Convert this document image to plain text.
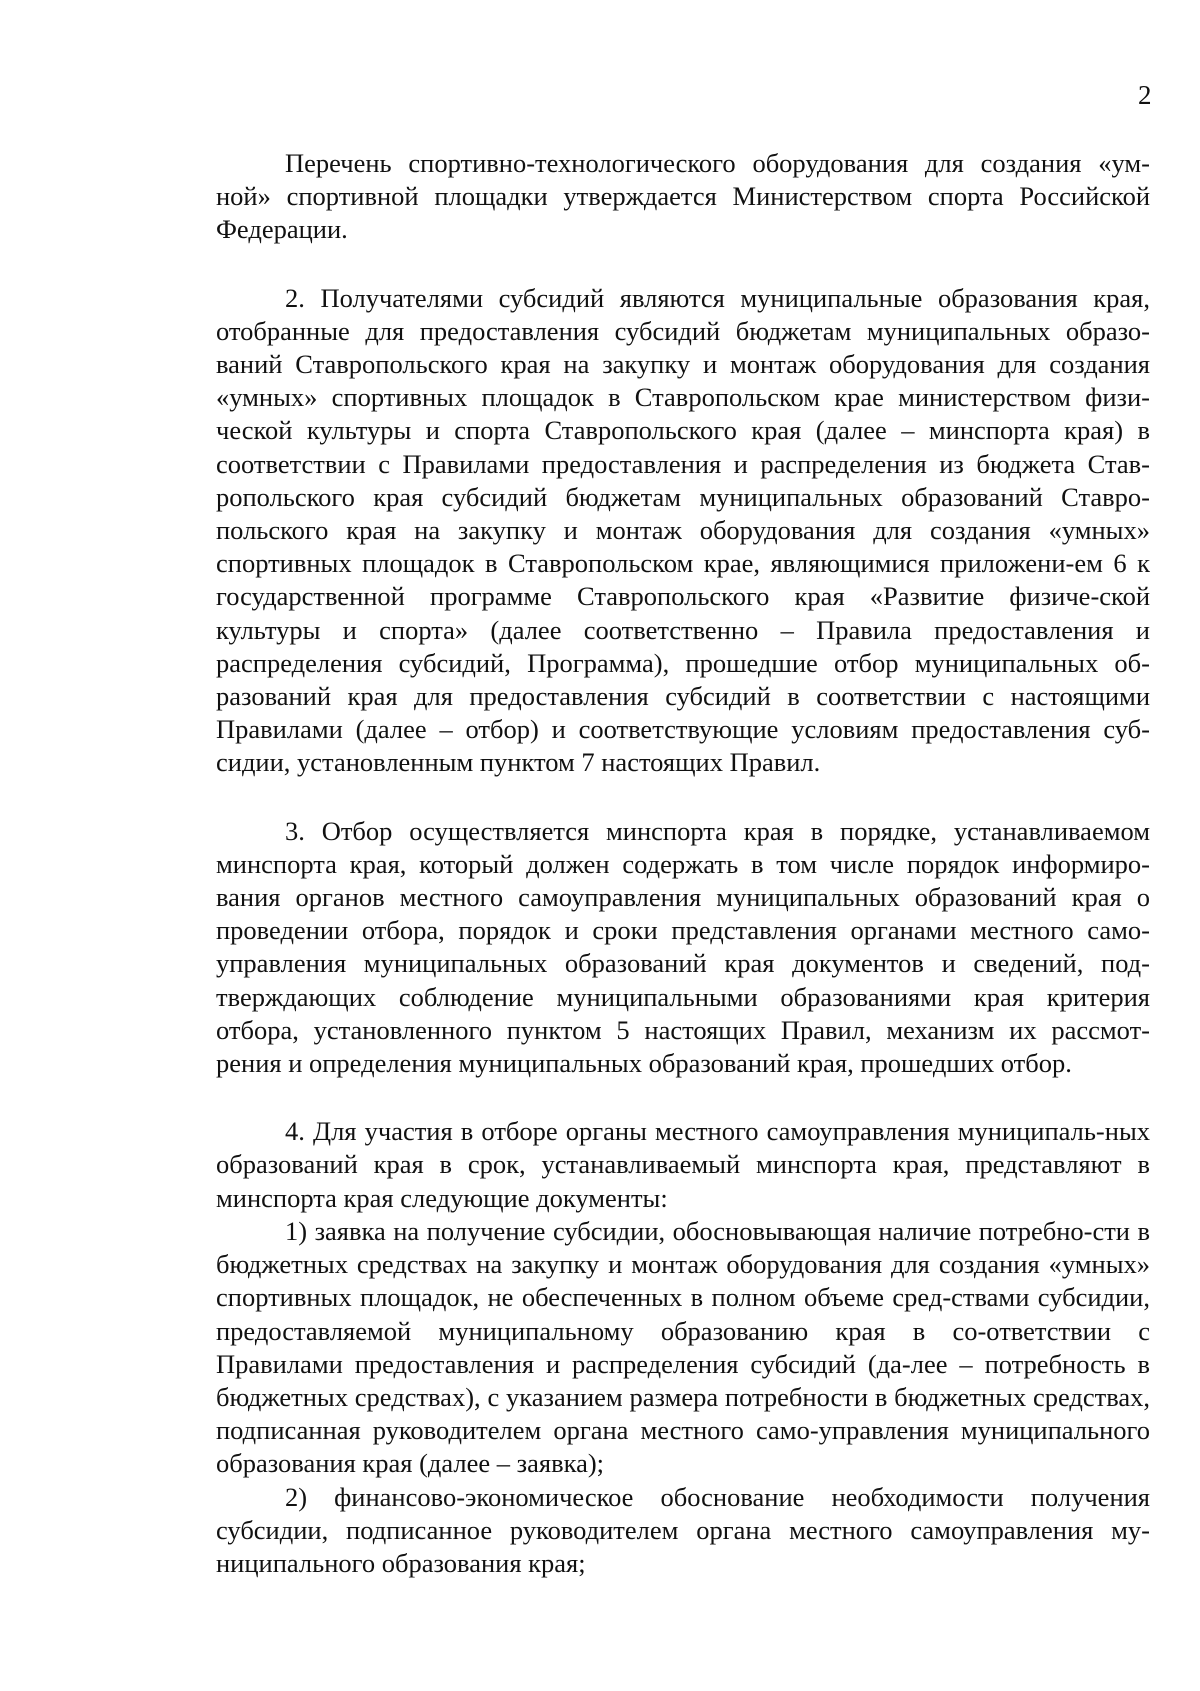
2

Перечень спортивно-технологического оборудования для создания «ум-ной» спортивной площадки утверждается Министерством спорта Российской Федерации.

2. Получателями субсидий являются муниципальные образования края, отобранные для предоставления субсидий бюджетам муниципальных образо-ваний Ставропольского края на закупку и монтаж оборудования для создания «умных» спортивных площадок в Ставропольском крае министерством физи-ческой культуры и спорта Ставропольского края (далее – минспорта края) в соответствии с Правилами предоставления и распределения из бюджета Став-ропольского края субсидий бюджетам муниципальных образований Ставро-польского края на закупку и монтаж оборудования для создания «умных» спортивных площадок в Ставропольском крае, являющимися приложени-ем 6 к государственной программе Ставропольского края «Развитие физиче-ской культуры и спорта» (далее соответственно – Правила предоставления и распределения субсидий, Программа), прошедшие отбор муниципальных об-разований края для предоставления субсидий в соответствии с настоящими Правилами (далее – отбор) и соответствующие условиям предоставления суб-сидии, установленным пунктом 7 настоящих Правил.

3. Отбор осуществляется минспорта края в порядке, устанавливаемом минспорта края, который должен содержать в том числе порядок информиро-вания органов местного самоуправления муниципальных образований края о проведении отбора, порядок и сроки представления органами местного само-управления муниципальных образований края документов и сведений, под-тверждающих соблюдение муниципальными образованиями края критерия отбора, установленного пунктом 5 настоящих Правил, механизм их рассмот-рения и определения муниципальных образований края, прошедших отбор.

4. Для участия в отборе органы местного самоуправления муниципаль-ных образований края в срок, устанавливаемый минспорта края, представляют в минспорта края следующие документы:

1) заявка на получение субсидии, обосновывающая наличие потребно-сти в бюджетных средствах на закупку и монтаж оборудования для создания «умных» спортивных площадок, не обеспеченных в полном объеме сред-ствами субсидии, предоставляемой муниципальному образованию края в со-ответствии с Правилами предоставления и распределения субсидий (да-лее – потребность в бюджетных средствах), с указанием размера потребности в бюджетных средствах, подписанная руководителем органа местного само-управления муниципального образования края (далее – заявка);

2) финансово-экономическое обоснование необходимости получения субсидии, подписанное руководителем органа местного самоуправления му-ниципального образования края;
